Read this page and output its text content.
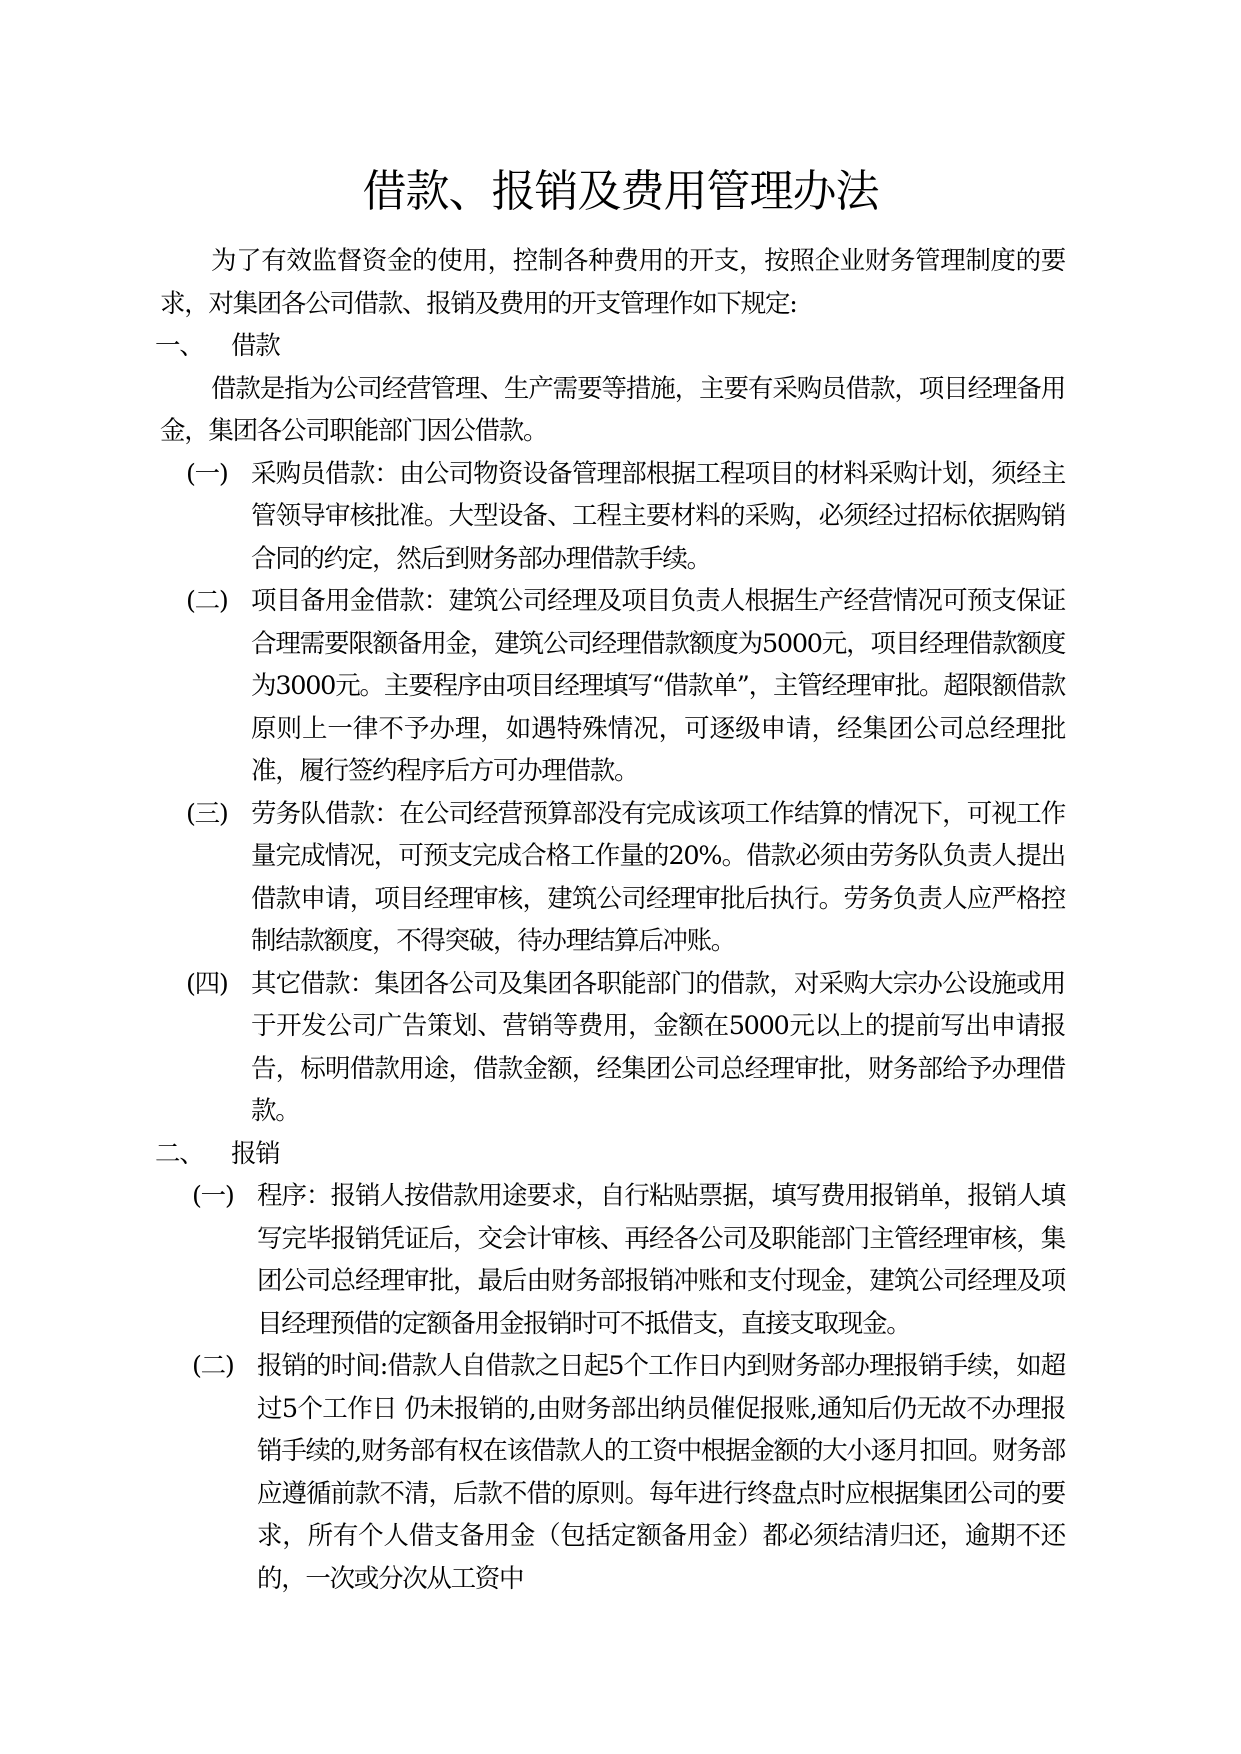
借款、报销及费用管理办法

为了有效监督资金的使用，控制各种费用的开支，按照企业财务管理制度的要求，对集团各公司借款、报销及费用的开支管理作如下规定:

一、	借款

借款是指为公司经营管理、生产需要等措施，主要有采购员借款，项目经理备用金，集团各公司职能部门因公借款。

(一) 采购员借款：由公司物资设备管理部根据工程项目的材料采购计划，须经主管领导审核批准。大型设备、工程主要材料的采购，必须经过招标依据购销合同的约定，然后到财务部办理借款手续。
(二) 项目备用金借款：建筑公司经理及项目负责人根据生产经营情况可预支保证合理需要限额备用金，建筑公司经理借款额度为5000元，项目经理借款额度为3000元。主要程序由项目经理填写“借款单”，主管经理审批。超限额借款原则上一律不予办理，如遇特殊情况，可逐级申请，经集团公司总经理批准，履行签约程序后方可办理借款。
(三) 劳务队借款：在公司经营预算部没有完成该项工作结算的情况下，可视工作量完成情况，可预支完成合格工作量的20%。借款必须由劳务队负责人提出借款申请，项目经理审核，建筑公司经理审批后执行。劳务负责人应严格控制结款额度，不得突破，待办理结算后冲账。
(四) 其它借款：集团各公司及集团各职能部门的借款，对采购大宗办公设施或用于开发公司广告策划、营销等费用，金额在5000元以上的提前写出申请报告，标明借款用途，借款金额，经集团公司总经理审批，财务部给予办理借款。
二、	报销
(一) 程序：报销人按借款用途要求，自行粘贴票据，填写费用报销单，报销人填写完毕报销凭证后，交会计审核、再经各公司及职能部门主管经理审核，集团公司总经理审批，最后由财务部报销冲账和支付现金，建筑公司经理及项目经理预借的定额备用金报销时可不抵借支，直接支取现金。
(二) 报销的时间:借款人自借款之日起5个工作日内到财务部办理报销手续，如超过5个工作日 仍未报销的,由财务部出纳员催促报账,通知后仍无故不办理报销手续的,财务部有权在该借款人的工资中根据金额的大小逐月扣回。财务部应遵循前款不清，后款不借的原则。每年进行终盘点时应根据集团公司的要求，所有个人借支备用金（包括定额备用金）都必须结清归还，逾期不还的，一次或分次从工资中
